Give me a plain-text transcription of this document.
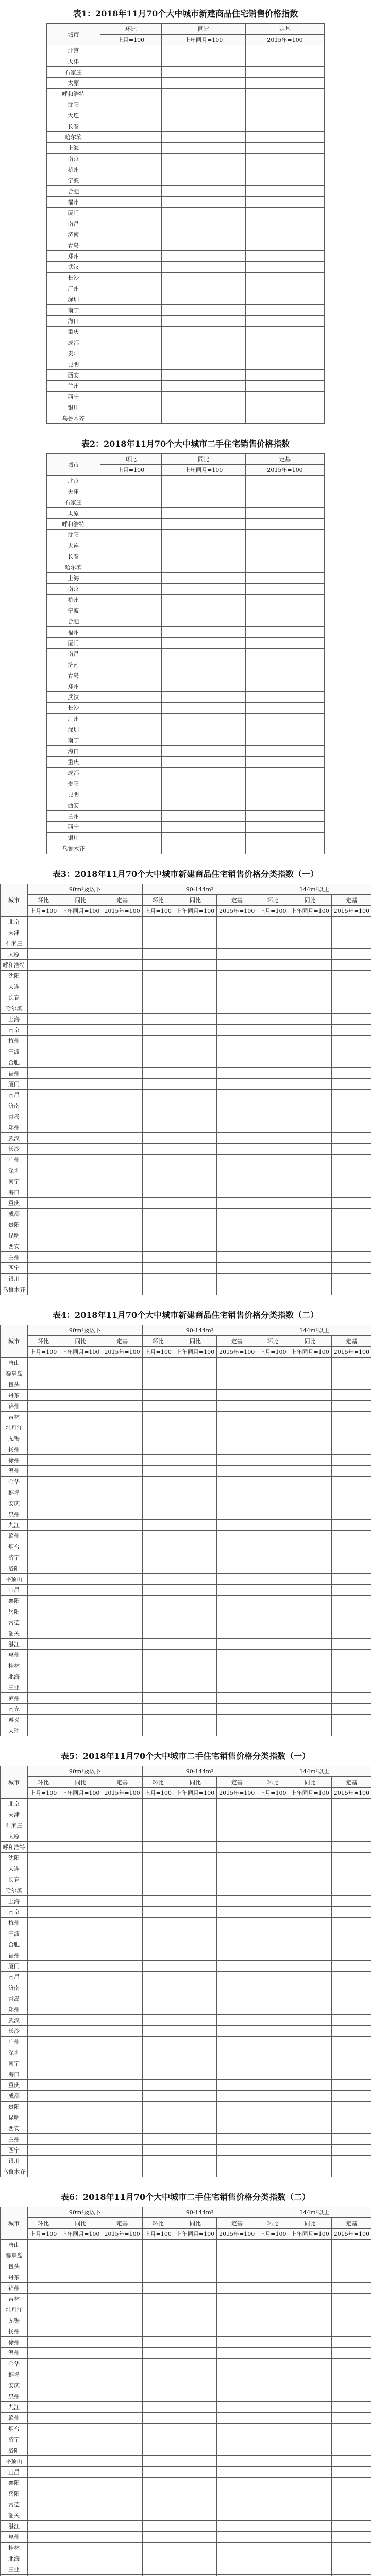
表1：2018年11月70个大中城市新建商品住宅销售价格指数
城市	环比	同比	定基
	上月=100	上年同月=100	2015年=100
北京			
天津			
石家庄			
太原			
呼和浩特			
沈阳			
大连			
长春			
哈尔滨			
上海			
南京			
杭州			
宁波			
合肥			
福州			
厦门			
南昌			
济南			
青岛			
郑州			
武汉			
长沙			
广州			
深圳			
南宁			
海口			
重庆			
成都			
贵阳			
昆明			
西安			
兰州			
西宁			
银川			
乌鲁木齐			
表2：2018年11月70个大中城市二手住宅销售价格指数
城市	环比	同比	定基
	上月=100	上年同月=100	2015年=100
北京			
天津			
石家庄			
太原			
呼和浩特			
沈阳			
大连			
长春			
哈尔滨			
上海			
南京			
杭州			
宁波			
合肥			
福州			
厦门			
南昌			
济南			
青岛			
郑州			
武汉			
长沙			
广州			
深圳			
南宁			
海口			
重庆			
成都			
贵阳			
昆明			
西安			
兰州			
西宁			
银川			
乌鲁木齐			
表3：2018年11月70个大中城市新建商品住宅销售价格分类指数（一）
城市	90m²及以下			90-144m²			144m²以上		
	环比	同比	定基	环比	同比	定基	环比	同比	定基
	上月=100	上年同月=100	2015年=100	上月=100	上年同月=100	2015年=100	上月=100	上年同月=100	2015年=100
北京									
天津									
石家庄									
太原									
呼和浩特									
沈阳									
大连									
长春									
哈尔滨									
上海									
南京									
杭州									
宁波									
合肥									
福州									
厦门									
南昌									
济南									
青岛									
郑州									
武汉									
长沙									
广州									
深圳									
南宁									
海口									
重庆									
成都									
贵阳									
昆明									
西安									
兰州									
西宁									
银川									
乌鲁木齐									
表4：2018年11月70个大中城市新建商品住宅销售价格分类指数（二）
城市	90m²及以下			90-144m²			144m²以上		
	环比	同比	定基	环比	同比	定基	环比	同比	定基
	上月=100	上年同月=100	2015年=100	上月=100	上年同月=100	2015年=100	上月=100	上年同月=100	2015年=100
唐山									
秦皇岛									
包头									
丹东									
锦州									
吉林									
牡丹江									
无锡									
扬州									
徐州									
温州									
金华									
蚌埠									
安庆									
泉州									
九江									
赣州									
烟台									
济宁									
洛阳									
平顶山									
宜昌									
襄阳									
岳阳									
常德									
韶关									
湛江									
惠州									
桂林									
北海									
三亚									
泸州									
南充									
遵义									
大理									
表5：2018年11月70个大中城市二手住宅销售价格分类指数（一）
城市	90m²及以下			90-144m²			144m²以上		
	环比	同比	定基	环比	同比	定基	环比	同比	定基
	上月=100	上年同月=100	2015年=100	上月=100	上年同月=100	2015年=100	上月=100	上年同月=100	2015年=100
北京									
天津									
石家庄									
太原									
呼和浩特									
沈阳									
大连									
长春									
哈尔滨									
上海									
南京									
杭州									
宁波									
合肥									
福州									
厦门									
南昌									
济南									
青岛									
郑州									
武汉									
长沙									
广州									
深圳									
南宁									
海口									
重庆									
成都									
贵阳									
昆明									
西安									
兰州									
西宁									
银川									
乌鲁木齐									
表6：2018年11月70个大中城市二手住宅销售价格分类指数（二）
城市	90m²及以下			90-144m²			144m²以上		
	环比	同比	定基	环比	同比	定基	环比	同比	定基
	上月=100	上年同月=100	2015年=100	上月=100	上年同月=100	2015年=100	上月=100	上年同月=100	2015年=100
唐山									
秦皇岛									
包头									
丹东									
锦州									
吉林									
牡丹江									
无锡									
扬州									
徐州									
温州									
金华									
蚌埠									
安庆									
泉州									
九江									
赣州									
烟台									
济宁									
洛阳									
平顶山									
宜昌									
襄阳									
岳阳									
常德									
韶关									
湛江									
惠州									
桂林									
北海									
三亚									
